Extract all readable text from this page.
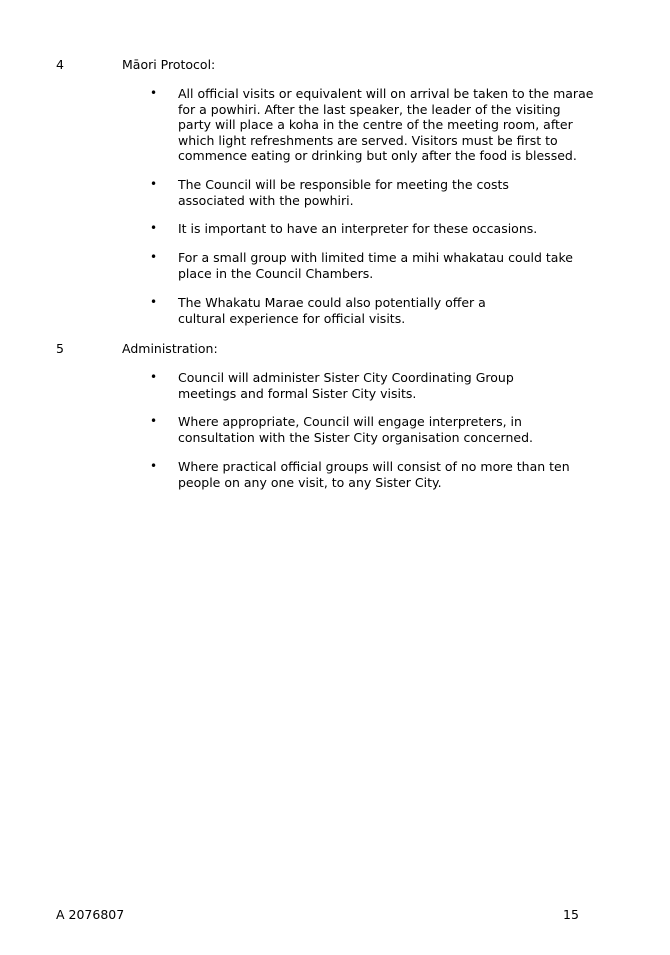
4	Māori Protocol:
•	All official visits or equivalent will on arrival be taken to the marae
for a powhiri. After the last speaker, the leader of the visiting
party will place a koha in the centre of the meeting room, after
which light refreshments are served. Visitors must be first to
commence eating or drinking but only after the food is blessed.
•	The Council will be responsible for meeting the costs
associated with the powhiri.
•	It is important to have an interpreter for these occasions.
•	For a small group with limited time a mihi whakatau could take
place in the Council Chambers.
•	The Whakatu Marae could also potentially offer a
cultural experience for official visits.
5	Administration:
•	Council will administer Sister City Coordinating Group
meetings and formal Sister City visits.
•	Where appropriate, Council will engage interpreters, in
consultation with the Sister City organisation concerned.
•	Where practical official groups will consist of no more than ten
people on any one visit, to any Sister City.
A 2076807	15
